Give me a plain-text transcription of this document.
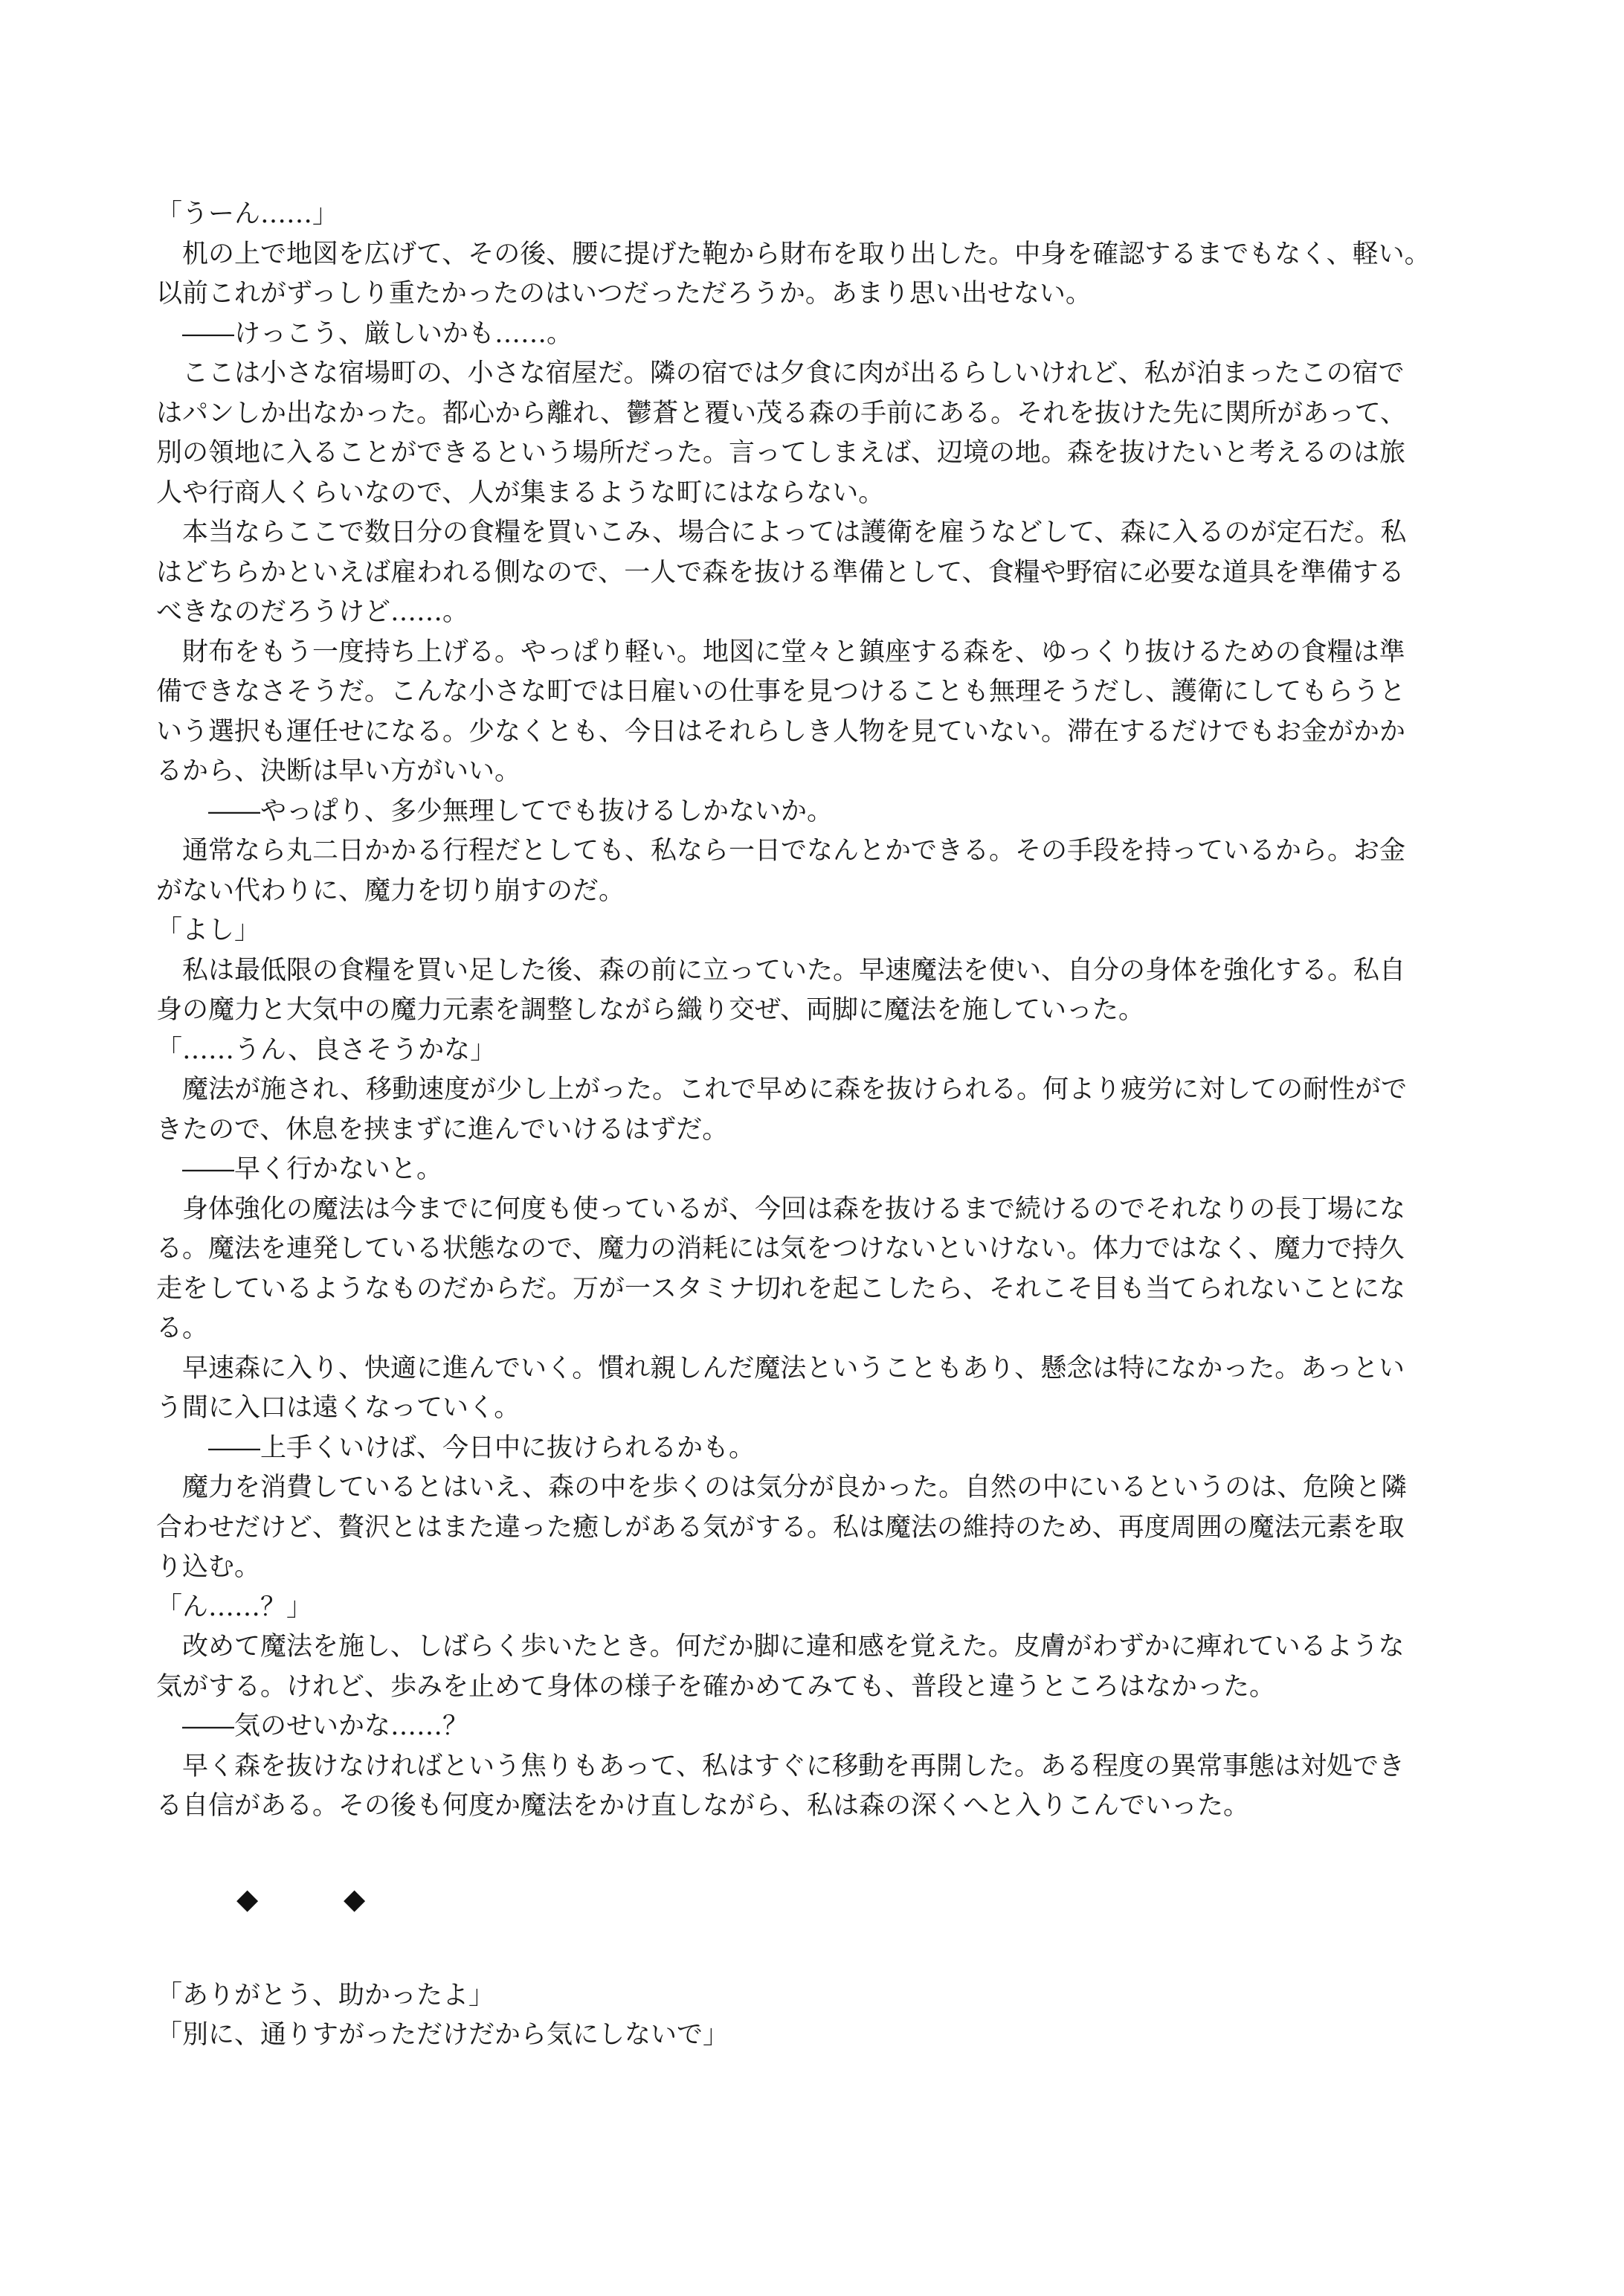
「うーん……」
　机の上で地図を広げて、その後、腰に提げた鞄から財布を取り出した。中身を確認するまでもなく、軽い。
以前これがずっしり重たかったのはいつだっただろうか。あまり思い出せない。
　――けっこう、厳しいかも……。
　ここは小さな宿場町の、小さな宿屋だ。隣の宿では夕食に肉が出るらしいけれど、私が泊まったこの宿で
はパンしか出なかった。都心から離れ、鬱蒼と覆い茂る森の手前にある。それを抜けた先に関所があって、
別の領地に入ることができるという場所だった。言ってしまえば、辺境の地。森を抜けたいと考えるのは旅
人や行商人くらいなので、人が集まるような町にはならない。
　本当ならここで数日分の食糧を買いこみ、場合によっては護衛を雇うなどして、森に入るのが定石だ。私
はどちらかといえば雇われる側なので、一人で森を抜ける準備として、食糧や野宿に必要な道具を準備する
べきなのだろうけど……。
　財布をもう一度持ち上げる。やっぱり軽い。地図に堂々と鎮座する森を、ゆっくり抜けるための食糧は準
備できなさそうだ。こんな小さな町では日雇いの仕事を見つけることも無理そうだし、護衛にしてもらうと
いう選択も運任せになる。少なくとも、今日はそれらしき人物を見ていない。滞在するだけでもお金がかか
るから、決断は早い方がいい。
　　――やっぱり、多少無理してでも抜けるしかないか。
　通常なら丸二日かかる行程だとしても、私なら一日でなんとかできる。その手段を持っているから。お金
がない代わりに、魔力を切り崩すのだ。
「よし」
　私は最低限の食糧を買い足した後、森の前に立っていた。早速魔法を使い、自分の身体を強化する。私自
身の魔力と大気中の魔力元素を調整しながら織り交ぜ、両脚に魔法を施していった。
「……うん、良さそうかな」
　魔法が施され、移動速度が少し上がった。これで早めに森を抜けられる。何より疲労に対しての耐性がで
きたので、休息を挟まずに進んでいけるはずだ。
　――早く行かないと。
　身体強化の魔法は今までに何度も使っているが、今回は森を抜けるまで続けるのでそれなりの長丁場にな
る。魔法を連発している状態なので、魔力の消耗には気をつけないといけない。体力ではなく、魔力で持久
走をしているようなものだからだ。万が一スタミナ切れを起こしたら、それこそ目も当てられないことにな
る。
　早速森に入り、快適に進んでいく。慣れ親しんだ魔法ということもあり、懸念は特になかった。あっとい
う間に入口は遠くなっていく。
　　――上手くいけば、今日中に抜けられるかも。
　魔力を消費しているとはいえ、森の中を歩くのは気分が良かった。自然の中にいるというのは、危険と隣
合わせだけど、贅沢とはまた違った癒しがある気がする。私は魔法の維持のため、再度周囲の魔法元素を取
り込む。
「ん……？」
　改めて魔法を施し、しばらく歩いたとき。何だか脚に違和感を覚えた。皮膚がわずかに痺れているような
気がする。けれど、歩みを止めて身体の様子を確かめてみても、普段と違うところはなかった。
　――気のせいかな……？
　早く森を抜けなければという焦りもあって、私はすぐに移動を再開した。ある程度の異常事態は対処でき
る自信がある。その後も何度か魔法をかけ直しながら、私は森の深くへと入りこんでいった。
◆	◆
「ありがとう、助かったよ」
「別に、通りすがっただけだから気にしないで」
